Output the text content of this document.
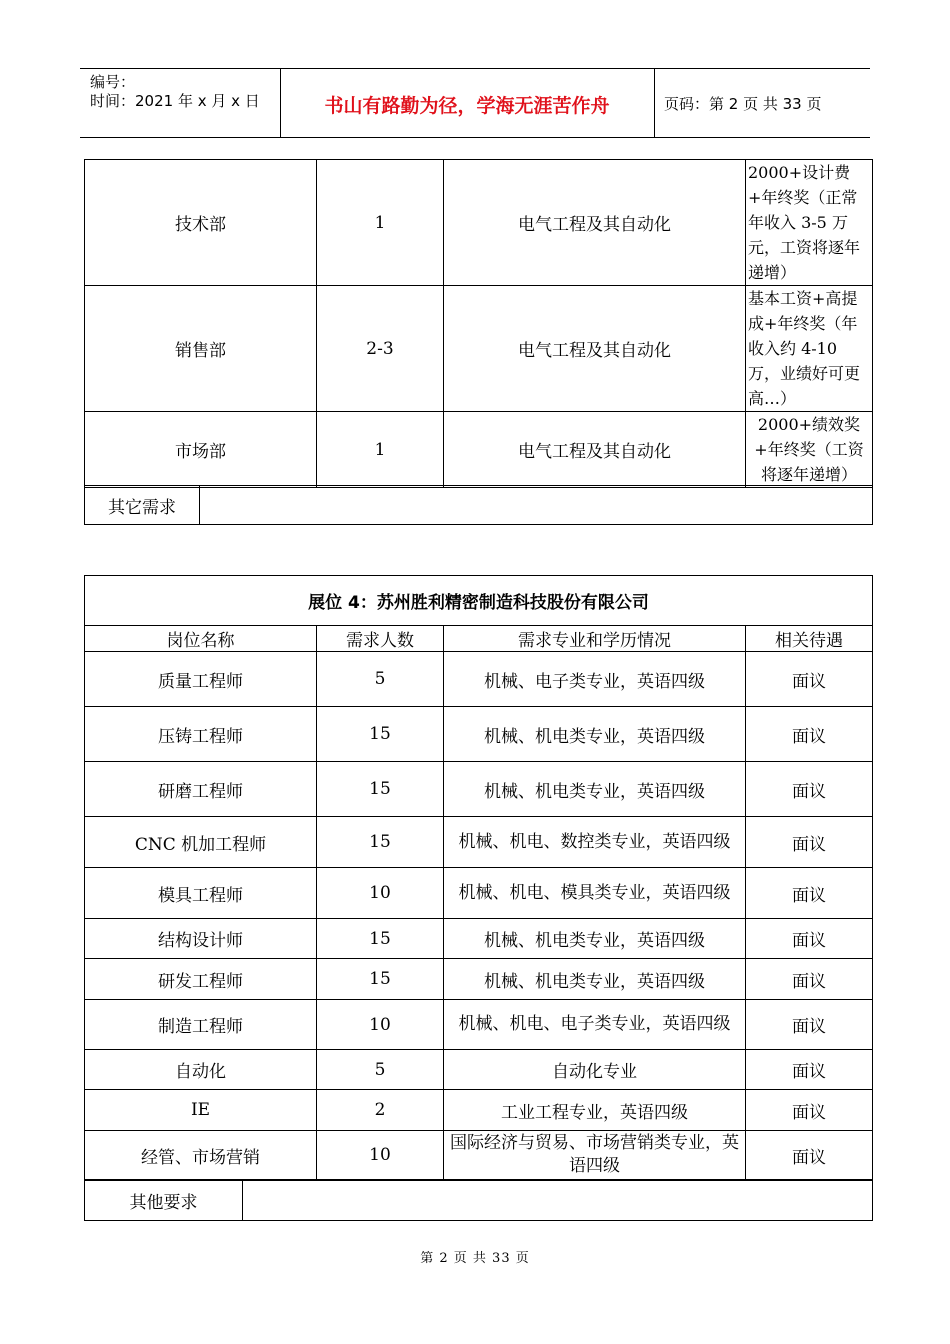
编号：
时间：2021 年 x 月 x 日	书山有路勤为径，学海无涯苦作舟	页码：第 2 页 共 33 页
技术部	1	电气工程及其自动化	2000+设计费+年终奖（正常年收入 3-5 万元，工资将逐年递增）
销售部	2-3	电气工程及其自动化	基本工资+高提成+年终奖（年收入约 4-10 万，业绩好可更高…）
市场部	1	电气工程及其自动化	2000+绩效奖+年终奖（工资将逐年递增）
其它需求	
展位 4：苏州胜利精密制造科技股份有限公司			
岗位名称	需求人数	需求专业和学历情况	相关待遇
质量工程师	5	机械、电子类专业，英语四级	面议
压铸工程师	15	机械、机电类专业，英语四级	面议
研磨工程师	15	机械、机电类专业，英语四级	面议
CNC 机加工程师	15	机械、机电、数控类专业，英语四级	面议
模具工程师	10	机械、机电、模具类专业，英语四级	面议
结构设计师	15	机械、机电类专业，英语四级	面议
研发工程师	15	机械、机电类专业，英语四级	面议
制造工程师	10	机械、机电、电子类专业，英语四级	面议
自动化	5	自动化专业	面议
IE	2	工业工程专业，英语四级	面议
经管、市场营销	10	国际经济与贸易、市场营销类专业，英语四级	面议
其他要求	
第 2 页 共 33 页
